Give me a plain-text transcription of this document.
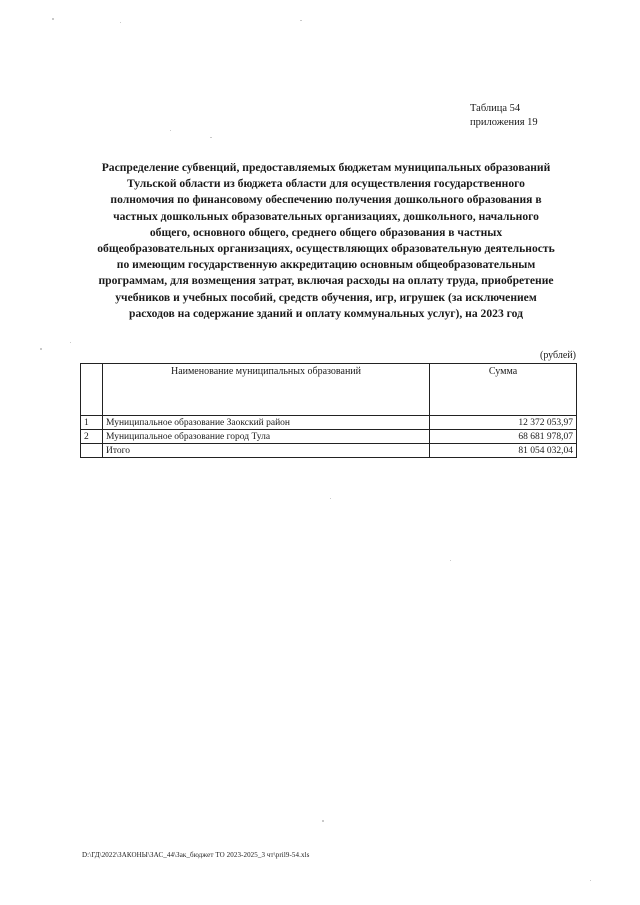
Таблица 54
приложения 19
Распределение субвенций, предоставляемых бюджетам муниципальных образований
Тульской области из бюджета области для осуществления государственного
полномочия по финансовому обеспечению получения дошкольного образования в
частных дошкольных образовательных организациях, дошкольного, начального
общего, основного общего, среднего общего образования в частных
общеобразовательных организациях, осуществляющих образовательную деятельность
по имеющим государственную аккредитацию основным общеобразовательным
программам, для возмещения затрат, включая расходы на оплату труда, приобретение
учебников и учебных пособий, средств обучения, игр, игрушек (за исключением
расходов на содержание зданий и оплату коммунальных услуг), на 2023 год
(рублей)
	Наименование муниципальных образований	Сумма
1	Муниципальное образование Заокский район	12 372 053,97
2	Муниципальное образование город Тула	68 681 978,07
	Итого	81 054 032,04
D:\ГД\2022\ЗАКОНЫ\ЗАС_44\Зак_бюджет ТО 2023-2025_3 чт\pril9-54.xls
